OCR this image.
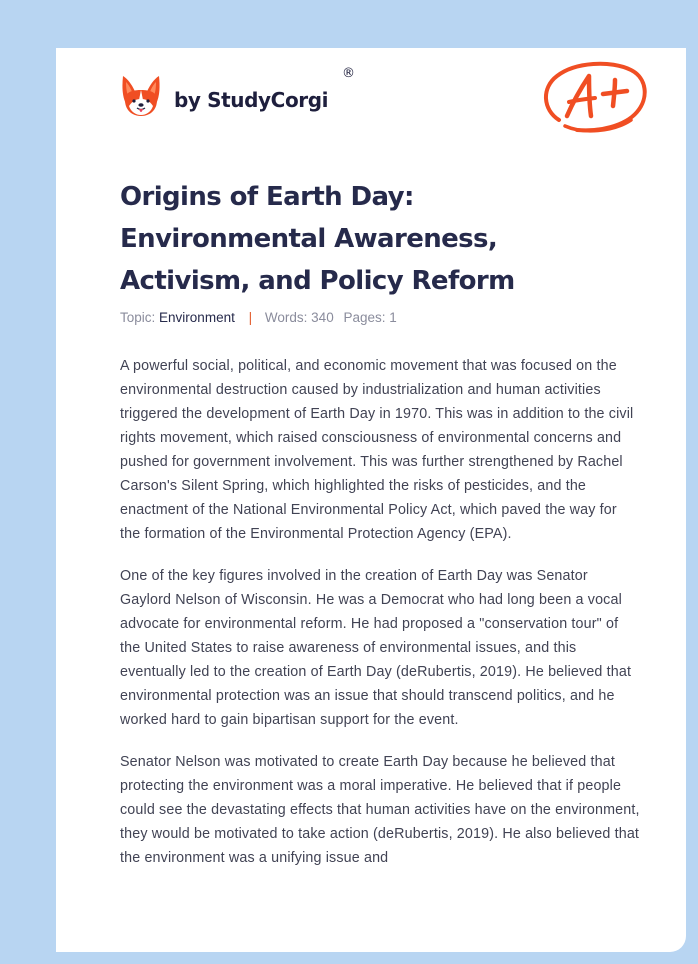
by StudyCorgi
®
Origins of Earth Day: Environmental Awareness, Activism, and Policy Reform
Topic: Environment | Words: 340 Pages: 1

A powerful social, political, and economic movement that was focused on the environmental destruction caused by industrialization and human activities triggered the development of Earth Day in 1970. This was in addition to the civil rights movement, which raised consciousness of environmental concerns and pushed for government involvement. This was further strengthened by Rachel Carson's Silent Spring, which highlighted the risks of pesticides, and the enactment of the National Environmental Policy Act, which paved the way for the formation of the Environmental Protection Agency (EPA).

One of the key figures involved in the creation of Earth Day was Senator Gaylord Nelson of Wisconsin. He was a Democrat who had long been a vocal advocate for environmental reform. He had proposed a "conservation tour" of the United States to raise awareness of environmental issues, and this eventually led to the creation of Earth Day (deRubertis, 2019). He believed that environmental protection was an issue that should transcend politics, and he worked hard to gain bipartisan support for the event.

Senator Nelson was motivated to create Earth Day because he believed that protecting the environment was a moral imperative. He believed that if people could see the devastating effects that human activities have on the environment, they would be motivated to take action (deRubertis, 2019). He also believed that the environment was a unifying issue and
